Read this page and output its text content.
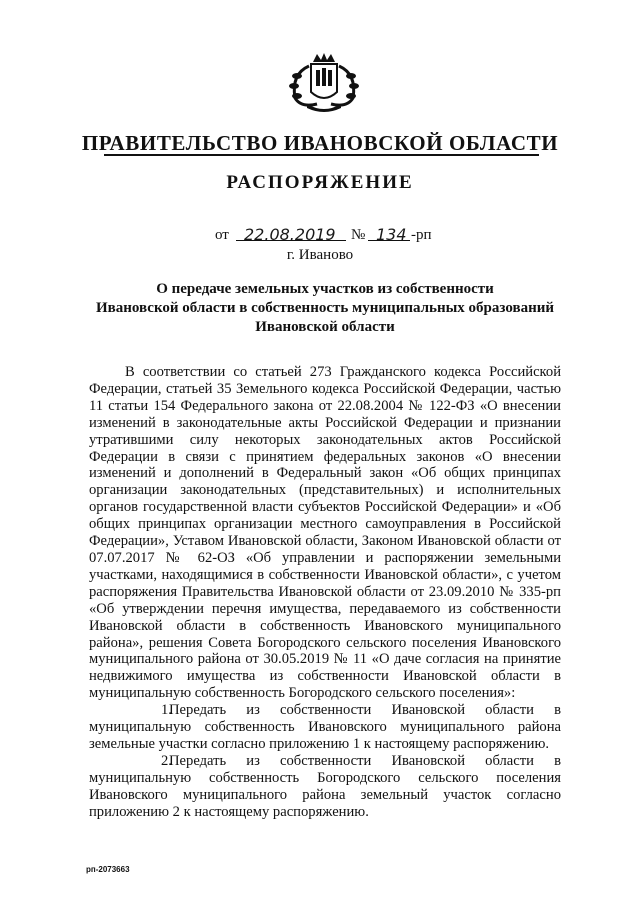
ПРАВИТЕЛЬСТВО ИВАНОВСКОЙ ОБЛАСТИ
РАСПОРЯЖЕНИЕ
от 22.08.2019 № 134 -рп
г. Иваново
О передаче земельных участков из собственности
Ивановской области в собственность муниципальных образований
Ивановской области

В соответствии со статьей 273 Гражданского кодекса Российской Федерации, статьей 35 Земельного кодекса Российской Федерации, частью 11 статьи 154 Федерального закона от 22.08.2004 № 122-ФЗ «О внесении изменений в законодательные акты Российской Федерации и признании утратившими силу некоторых законодательных актов Российской Федерации в связи с принятием федеральных законов «О внесении изменений и дополнений в Федеральный закон «Об общих принципах организации законодательных (представительных) и исполнительных органов государственной власти субъектов Российской Федерации» и «Об общих принципах организации местного самоуправления в Российской Федерации», Уставом Ивановской области, Законом Ивановской области от 07.07.2017 № 62-ОЗ «Об управлении и распоряжении земельными участками, находящимися в собственности Ивановской области», с учетом распоряжения Правительства Ивановской области от 23.09.2010 № 335-рп «Об утверждении перечня имущества, передаваемого из собственности Ивановской области в собственность Ивановского муниципального района», решения Совета Богородского сельского поселения Ивановского муниципального района от 30.05.2019 № 11 «О даче согласия на принятие недвижимого имущества из собственности Ивановской области в муниципальную собственность Богородского сельского поселения»:

1.Передать из собственности Ивановской области в муниципальную собственность Ивановского муниципального района земельные участки согласно приложению 1 к настоящему распоряжению.

2.Передать из собственности Ивановской области в муниципальную собственность Богородского сельского поселения Ивановского муниципального района земельный участок согласно приложению 2 к настоящему распоряжению.

рп-2073663
